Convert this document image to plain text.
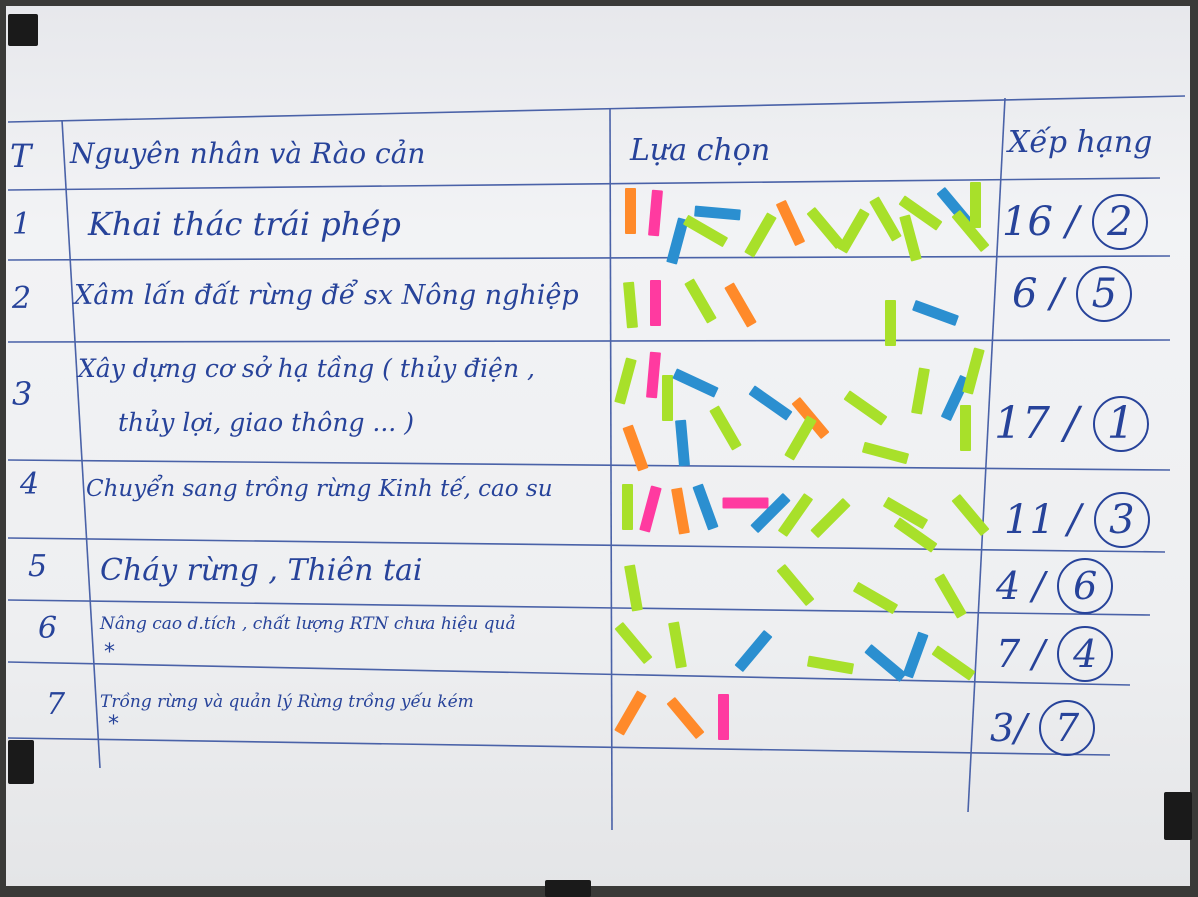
T Nguyên nhân và Rào cản	Lựa chọn	Xếp hạng
1
2
3
4
5
6
7
Khai thác trái phép
Xâm lấn đất rừng để sx Nông nghiệp
Xây dựng cơ sở hạ tầng ( thủy điện ,
thủy lợi, giao thông ... )
Chuyển sang trồng rừng Kinh tế, cao su
Cháy rừng , Thiên tai
Nâng cao d.tích , chất lượng RTN chưa hiệu quả
*
Trồng rừng và quản lý Rừng trồng yếu kém
*
16 / 2
6 / 5
17 / 1
11 / 3
4 / 6
7 / 4
3/ 7
